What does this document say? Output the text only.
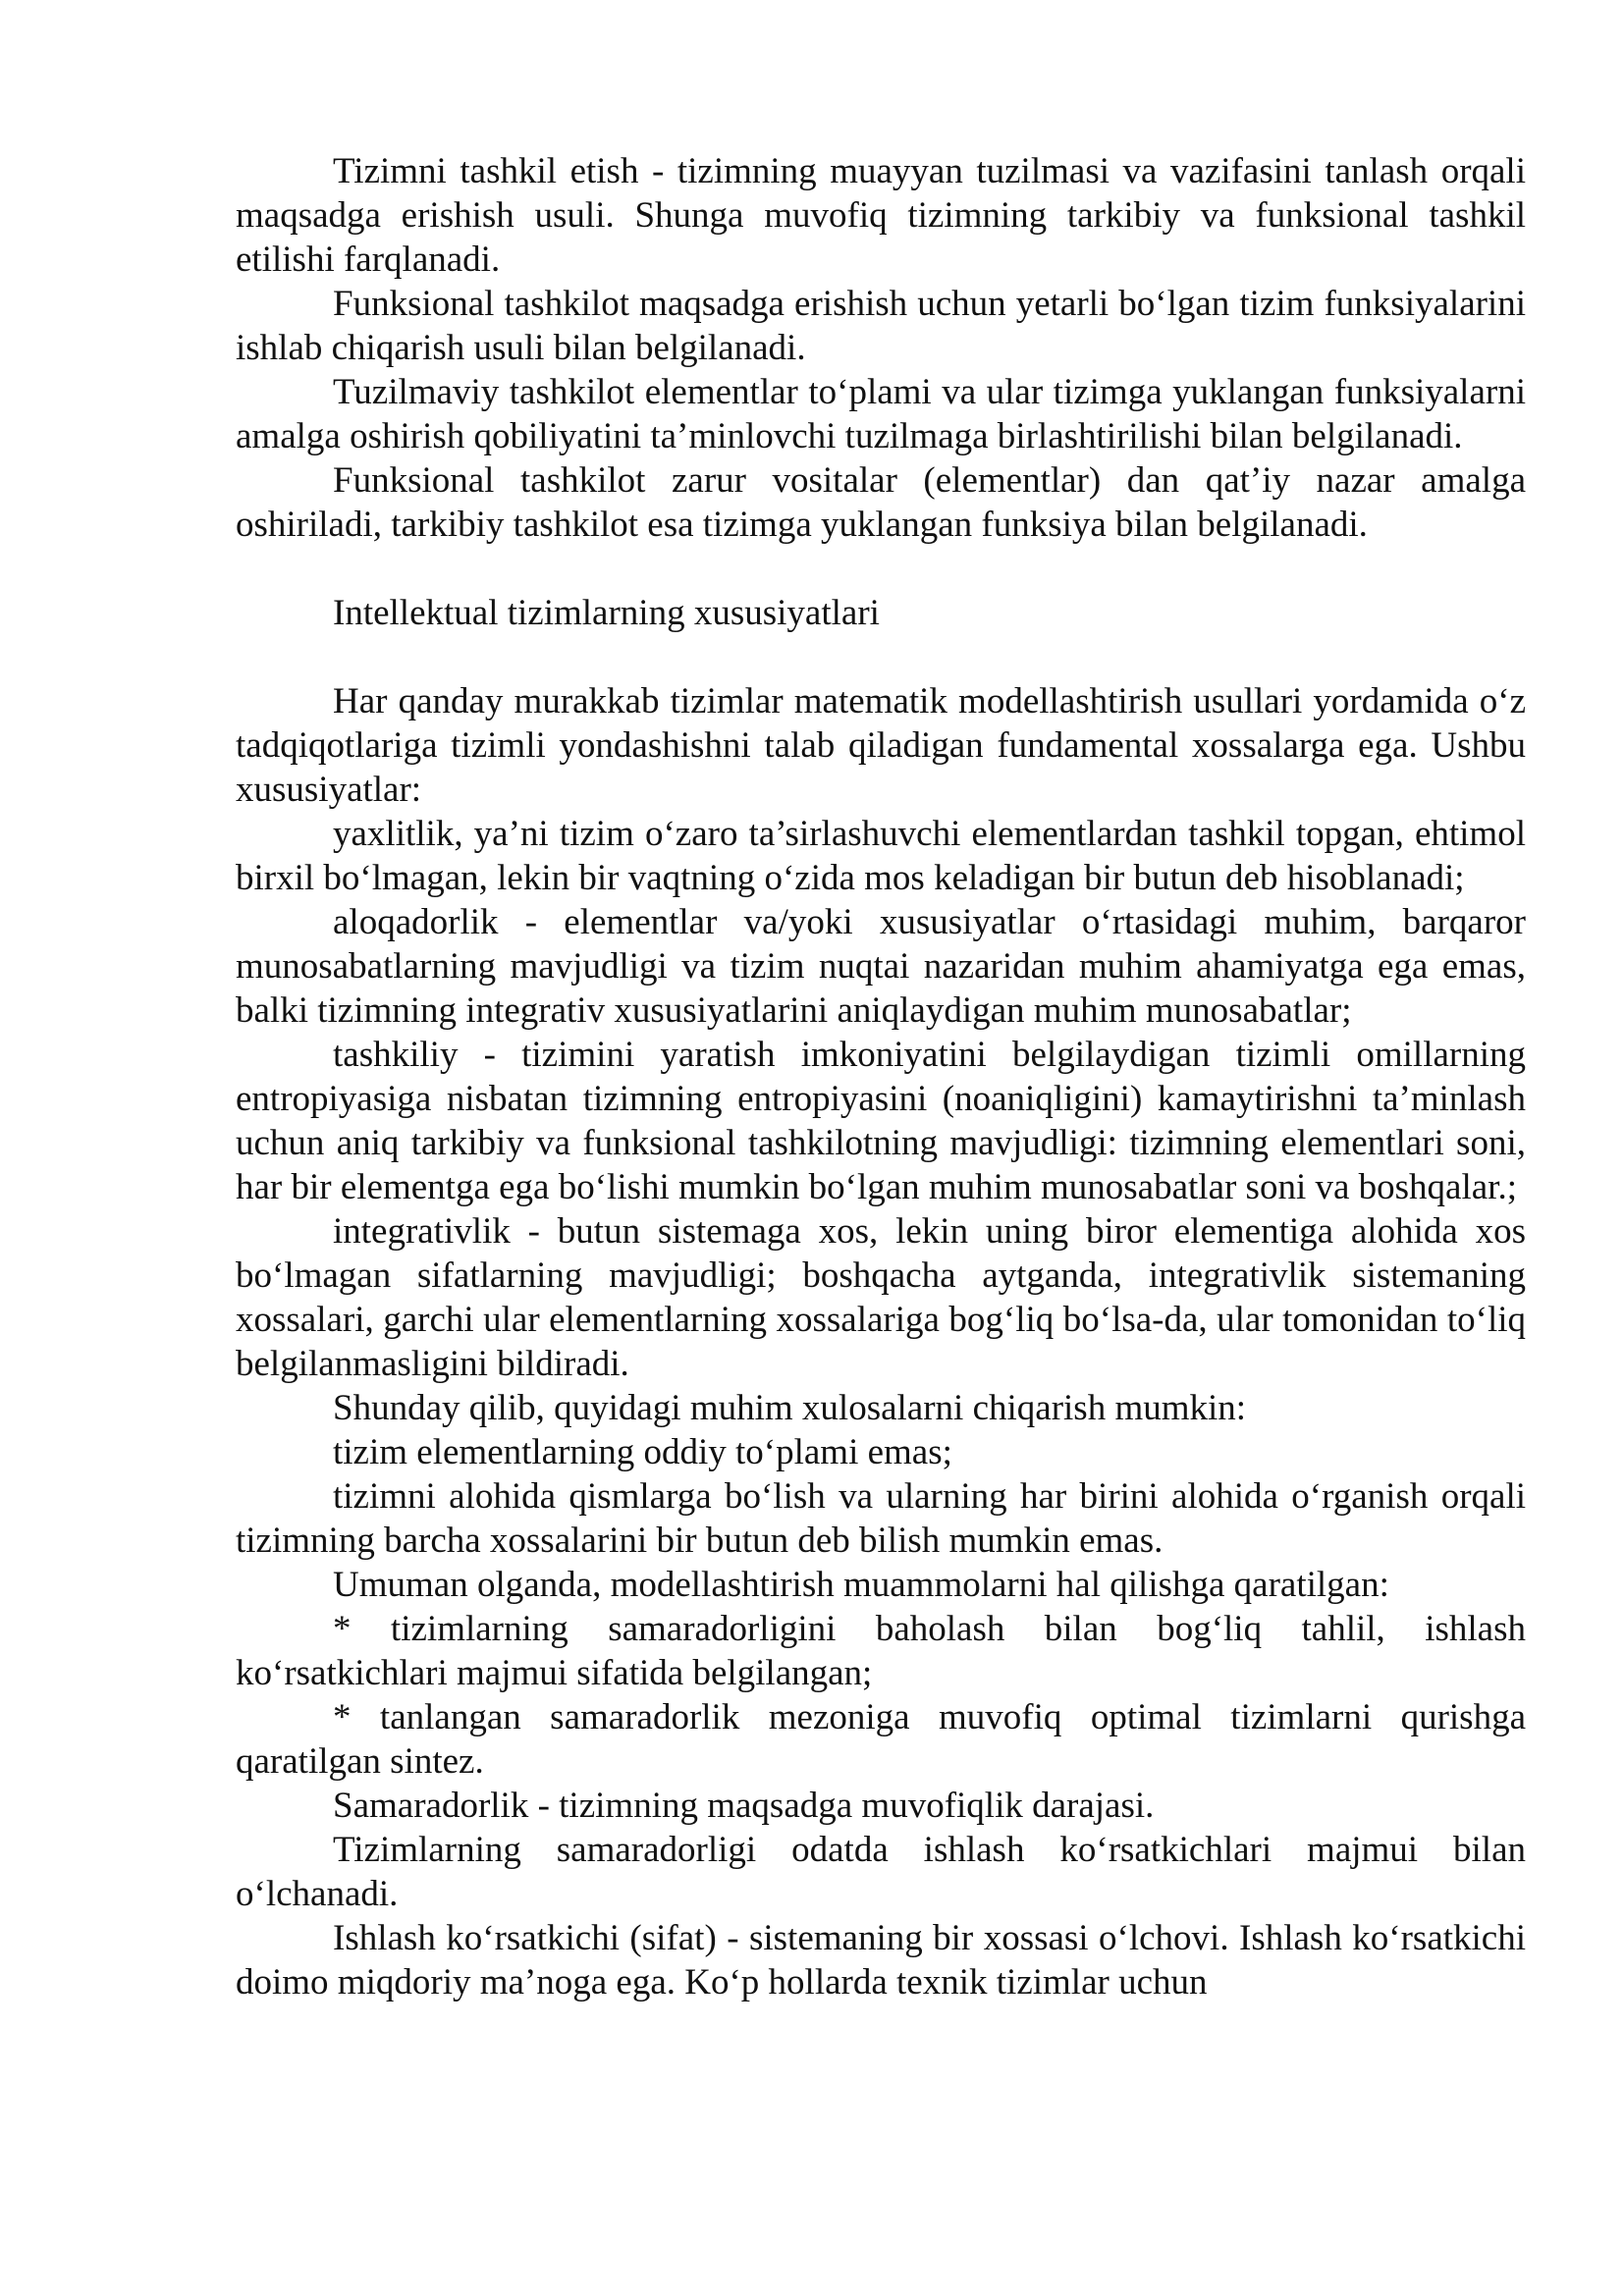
Tizimni tashkil etish - tizimning muayyan tuzilmasi va vazifasini tanlash orqali maqsadga erishish usuli. Shunga muvofiq tizimning tarkibiy va funksional tashkil etilishi farqlanadi.

Funksional tashkilot maqsadga erishish uchun yetarli bo‘lgan tizim funksiyalarini ishlab chiqarish usuli bilan belgilanadi.

Tuzilmaviy tashkilot elementlar to‘plami va ular tizimga yuklangan funksiyalarni amalga oshirish qobiliyatini ta’minlovchi tuzilmaga birlashtirilishi bilan belgilanadi.

Funksional tashkilot zarur vositalar (elementlar) dan qat’iy nazar amalga oshiriladi, tarkibiy tashkilot esa tizimga yuklangan funksiya bilan belgilanadi.

Intellektual tizimlarning xususiyatlari

Har qanday murakkab tizimlar matematik modellashtirish usullari yordamida o‘z tadqiqotlariga tizimli yondashishni talab qiladigan fundamental xossalarga ega. Ushbu xususiyatlar:

yaxlitlik, ya’ni tizim o‘zaro ta’sirlashuvchi elementlardan tashkil topgan, ehtimol birxil bo‘lmagan, lekin bir vaqtning o‘zida mos keladigan bir butun deb hisoblanadi;

aloqadorlik - elementlar va/yoki xususiyatlar o‘rtasidagi muhim, barqaror munosabatlarning mavjudligi va tizim nuqtai nazaridan muhim ahamiyatga ega emas, balki tizimning integrativ xususiyatlarini aniqlaydigan muhim munosabatlar;

tashkiliy - tizimini yaratish imkoniyatini belgilaydigan tizimli omillarning entropiyasiga nisbatan tizimning entropiyasini (noaniqligini) kamaytirishni ta’minlash uchun aniq tarkibiy va funksional tashkilotning mavjudligi: tizimning elementlari soni, har bir elementga ega bo‘lishi mumkin bo‘lgan muhim munosabatlar soni va boshqalar.;

integrativlik - butun sistemaga xos, lekin uning biror elementiga alohida xos bo‘lmagan sifatlarning mavjudligi; boshqacha aytganda, integrativlik sistemaning xossalari, garchi ular elementlarning xossalariga bog‘liq bo‘lsa-da, ular tomonidan to‘liq belgilanmasligini bildiradi.

Shunday qilib, quyidagi muhim xulosalarni chiqarish mumkin:

tizim elementlarning oddiy to‘plami emas;

tizimni alohida qismlarga bo‘lish va ularning har birini alohida o‘rganish orqali tizimning barcha xossalarini bir butun deb bilish mumkin emas.

Umuman olganda, modellashtirish muammolarni hal qilishga qaratilgan:

* tizimlarning samaradorligini baholash bilan bog‘liq tahlil, ishlash ko‘rsatkichlari majmui sifatida belgilangan;

* tanlangan samaradorlik mezoniga muvofiq optimal tizimlarni qurishga qaratilgan sintez.

Samaradorlik - tizimning maqsadga muvofiqlik darajasi.

Tizimlarning samaradorligi odatda ishlash ko‘rsatkichlari majmui bilan o‘lchanadi.

Ishlash ko‘rsatkichi (sifat) - sistemaning bir xossasi o‘lchovi. Ishlash ko‘rsatkichi doimo miqdoriy ma’noga ega. Ko‘p hollarda texnik tizimlar uchun
